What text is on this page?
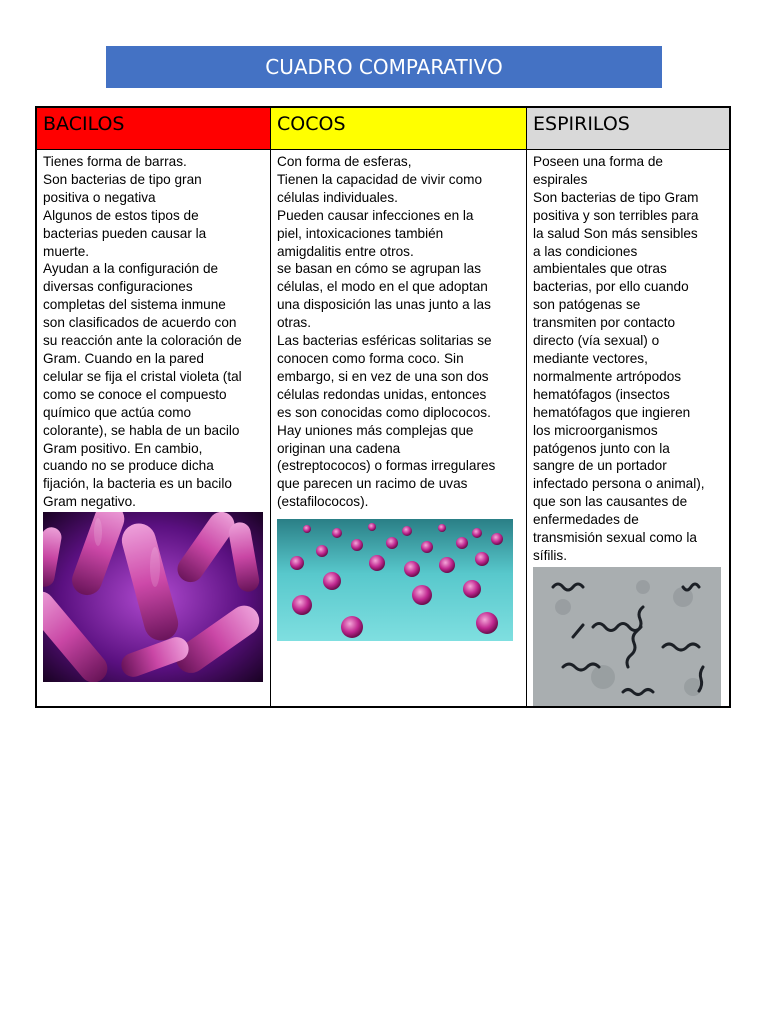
CUADRO COMPARATIVO
BACILOS	COCOS	ESPIRILOS
Tienes forma de barras.
Son bacterias de tipo gran
positiva o negativa
Algunos de estos tipos de
bacterias pueden causar la
muerte.
Ayudan a la configuración de
diversas configuraciones
completas del sistema inmune
son clasificados de acuerdo con
su reacción ante la coloración de
Gram. Cuando en la pared
celular se fija el cristal violeta (tal
como se conoce el compuesto
químico que actúa como
colorante), se habla de un bacilo
Gram positivo. En cambio,
cuando no se produce dicha
fijación, la bacteria es un bacilo
Gram negativo.
Con forma de esferas,
Tienen la capacidad de vivir como
células individuales.
Pueden causar infecciones en la
piel, intoxicaciones también
amigdalitis entre otros.
se basan en cómo se agrupan las
células, el modo en el que adoptan
una disposición las unas junto a las
otras.
Las bacterias esféricas solitarias se
conocen como forma coco. Sin
embargo, si en vez de una son dos
células redondas unidas, entonces
es son conocidas como diplococos.
Hay uniones más complejas que
originan una cadena
(estreptococos) o formas irregulares
que parecen un racimo de uvas
(estafilococos).
Poseen una forma de
espirales
Son bacterias de tipo Gram
positiva y son terribles para
la salud Son más sensibles
a las condiciones
ambientales que otras
bacterias, por ello cuando
son patógenas se
transmiten por contacto
directo (vía sexual) o
mediante vectores,
normalmente artrópodos
hematófagos (insectos
hematófagos que ingieren
los microorganismos
patógenos junto con la
sangre de un portador
infectado persona o animal),
que son las causantes de
enfermedades de
transmisión sexual como la
sífilis.
